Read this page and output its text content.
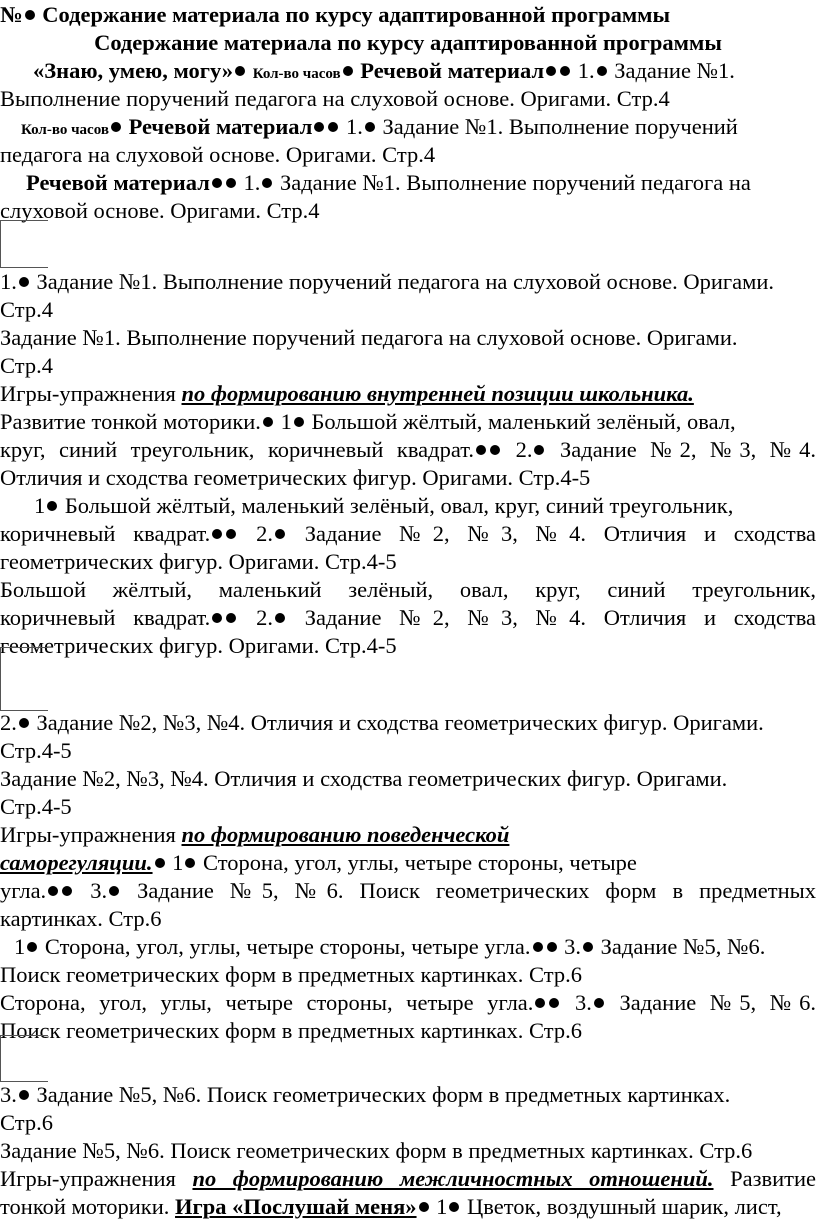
№ Содержание материала по курсу адаптированной программы
Содержание материала по курсу адаптированной программы
«Знаю, умею, могу» Кол-во часов Речевой материал 1. Задание №1.
Выполнение поручений педагога на слуховой основе. Оригами. Стр.4
Кол-во часов Речевой материал 1. Задание №1. Выполнение поручений
педагога на слуховой основе. Оригами. Стр.4
Речевой материал 1. Задание №1. Выполнение поручений педагога на
слуховой основе. Оригами. Стр.4
1. Задание №1. Выполнение поручений педагога на слуховой основе. Оригами.
Стр.4
Задание №1. Выполнение поручений педагога на слуховой основе. Оригами.
Стр.4
Игры-упражнения по формированию внутренней позиции школьника.
Развитие тонкой моторики. 1 Большой жёлтый, маленький зелёный, овал,
круг, синий треугольник, коричневый квадрат. 2. Задание №2, №3, №4.
Отличия и сходства геометрических фигур. Оригами. Стр.4-5
1 Большой жёлтый, маленький зелёный, овал, круг, синий треугольник,
коричневый квадрат. 2. Задание №2, №3, №4. Отличия и сходства
геометрических фигур. Оригами. Стр.4-5
Большой жёлтый, маленький зелёный, овал, круг, синий треугольник,
коричневый квадрат. 2. Задание №2, №3, №4. Отличия и сходства
геометрических фигур. Оригами. Стр.4-5
2. Задание №2, №3, №4. Отличия и сходства геометрических фигур. Оригами.
Стр.4-5
Задание №2, №3, №4. Отличия и сходства геометрических фигур. Оригами.
Стр.4-5
Игры-упражнения по формированию поведенческой
саморегуляции. 1 Сторона, угол, углы, четыре стороны, четыре
угла. 3. Задание №5, №6. Поиск геометрических форм в предметных
картинках. Стр.6
1 Сторона, угол, углы, четыре стороны, четыре угла. 3. Задание №5, №6.
Поиск геометрических форм в предметных картинках. Стр.6
Сторона, угол, углы, четыре стороны, четыре угла. 3. Задание №5, №6.
Поиск геометрических форм в предметных картинках. Стр.6
3. Задание №5, №6. Поиск геометрических форм в предметных картинках.
Стр.6
Задание №5, №6. Поиск геометрических форм в предметных картинках. Стр.6
Игры-упражнения по формированию межличностных отношений. Развитие
тонкой моторики. Игра «Послушай меня» 1 Цветок, воздушный шарик, лист,
